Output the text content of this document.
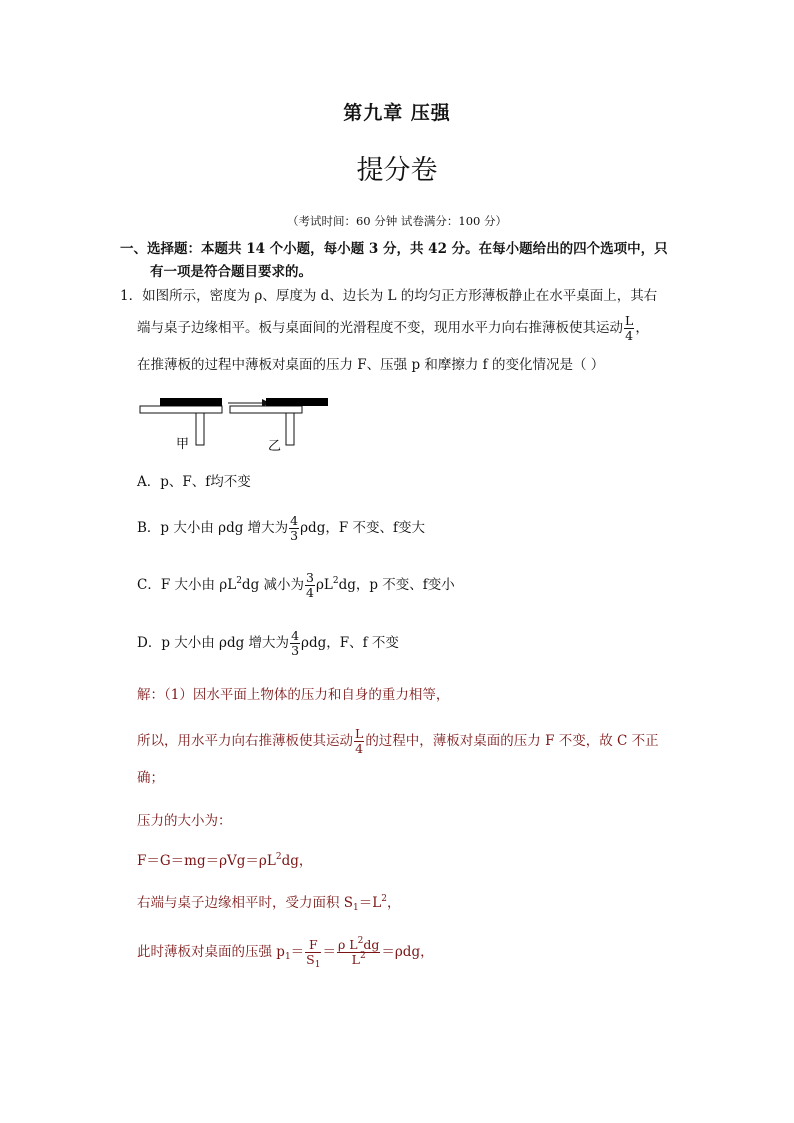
第九章 压强
提分卷
（考试时间：60 分钟 试卷满分：100 分）
一、选择题：本题共 14 个小题，每小题 3 分，共 42 分。在每小题给出的四个选项中，只
有一项是符合题目要求的。
1．如图所示，密度为 ρ、厚度为 d、边长为 L 的均匀正方形薄板静止在水平桌面上，其右
端与桌子边缘相平。板与桌面间的光滑程度不变，现用水平力向右推薄板使其运动 $\frac{L}{4}$ ，
在推薄板的过程中薄板对桌面的压力 F、压强 p 和摩擦力 f 的变化情况是（ ）
甲	乙
A．p、F、f均不变
B．p 大小由 ρdg 增大为 $\frac{4}{3}$ ρdg，F 不变、f变大
C．F 大小由 $\rho L^2dg$ 减小为 $\frac{3}{4} \rho L^2dg$，p 不变、f变小
D．p 大小由 ρdg 增大为 $\frac{4}{3}$ ρdg，F、f 不变
解：（1）因水平面上物体的压力和自身的重力相等，
所以，用水平力向右推薄板使其运动 $\frac{L}{4}$ 的过程中，薄板对桌面的压力 F 不变，故 C 不正
确；
压力的大小为：
$F=G=mg=\rho Vg=\rho L^2dg$，
右端与桌子边缘相平时，受力面积 $S_1=L^2$，
此时薄板对桌面的压强 $p_1= \frac{F}{S_1} = \frac{\rho L^2dg}{L^2} =\rho dg$，
